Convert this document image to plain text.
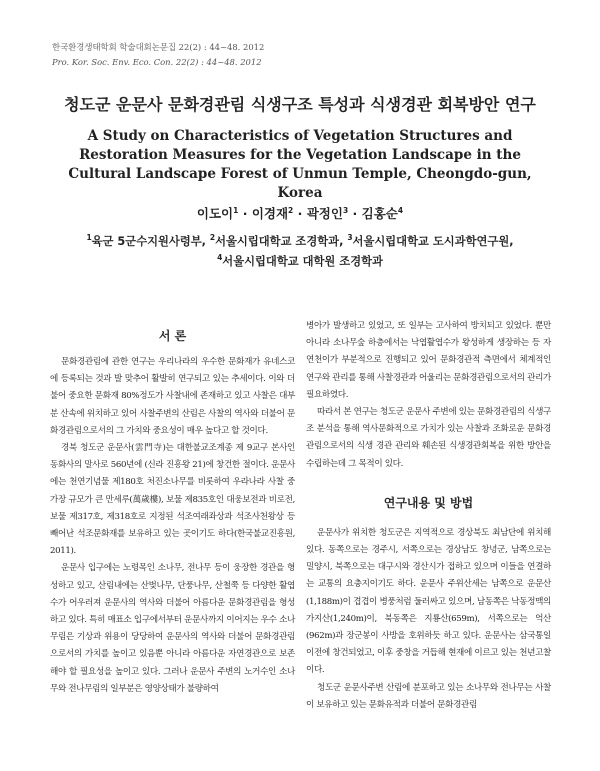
한국환경생태학회 학술대회논문집 22(2) : 44~48. 2012
Pro. Kor. Soc. Env. Eco. Con. 22(2) : 44~48. 2012
청도군 운문사 문화경관림 식생구조 특성과 식생경관 회복방안 연구
A Study on Characteristics of Vegetation Structures and Restoration Measures for the Vegetation Landscape in the Cultural Landscape Forest of Unmun Temple, Cheongdo-gun, Korea
이도이$^1$ · 이경재$^2$ · 곽정인$^3$ · 김홍순$^4$
$^1$육군 5군수지원사령부, $^2$서울시립대학교 조경학과, $^3$서울시립대학교 도시과학연구원,
$^4$서울시립대학교 대학원 조경학과
서 론

문화경관림에 관한 연구는 우리나라의 우수한 문화재가 유네스코에 등록되는 것과 발 맞추어 활발히 연구되고 있는 추세이다. 이와 더불어 중요한 문화재 80%정도가 사찰내에 존재하고 있고 사찰은 대부분 산속에 위치하고 있어 사찰주변의 산림은 사찰의 역사와 더불어 문화경관림으로서의 그 가치와 중요성이 매우 높다고 할 것이다.

경북 청도군 운문사(雲門寺)는 대한불교조계종 제 9교구 본사인 동화사의 말사로 560년에 (신라 진흥왕 21)에 창건한 절이다. 운문사에는 천연기념물 제180호 처진소나무를 비롯하여 우라나라 사찰 중 가장 규모가 큰 만세루(萬歲樓), 보물 제835호인 대웅보전과 비로전, 보물 제317호, 제318호로 지정된 석조여래좌상과 석조사천왕상 등 빼어난 석조문화재를 보유하고 있는 곳이기도 하다(한국불교진흥원, 2011).

운문사 입구에는 노령목인 소나무, 전나무 등이 웅장한 경관을 형성하고 있고, 산림내에는 산벚나무, 단풍나무, 산철쭉 등 다양한 활엽수가 어우러져 운문사의 역사와 더불어 아름다운 문화경관림을 형성하고 있다. 특히 매표소 입구에서부터 운문사까지 이어지는 우수 소나무림은 기상과 위용이 당당하여 운문사의 역사와 더불어 문화경관림으로서의 가치를 높이고 있음뿐 아니라 아름다운 자연경관으로 보존해야 할 필요성을 높이고 있다. 그러나 운문사 주변의 노거수인 소나무와 전나무림의 일부분은 영양상태가 불량하여

병아가 발생하고 있었고, 또 일부는 고사하여 방치되고 있었다. 뿐만아니라 소나무숲 하층에서는 낙엽활엽수가 왕성하게 생장하는 등 자연천이가 부분적으로 진행되고 있어 문화경관적 측면에서 체계적인 연구와 관리를 통해 사찰경관과 어울리는 문화경관림으로서의 관리가 필요하였다.

따라서 본 연구는 청도군 운문사 주변에 있는 문화경관림의 식생구조 분석을 통해 역사문화적으로 가치가 있는 사찰과 조화로운 문화경관림으로서의 식생 경관 관리와 훼손된 식생경관회복을 위한 방안을 수립하는데 그 목적이 있다.

연구내용 및 방법

운문사가 위치한 청도군은 지역적으로 경상북도 최남단에 위치해 있다. 동쪽으로는 경주시, 서쪽으로는 경상남도 창녕군, 남쪽으로는 밀양시, 북쪽으로는 대구시와 경산시가 접하고 있으며 이들을 연결하는 교통의 요충지이기도 하다. 운문사 주위산세는 남쪽으로 운문산(1,188m)이 겹겹이 병풍처럼 둘러싸고 있으며, 남동쪽은 낙동정맥의 가지산(1,240m)이, 북동쪽은 지룡산(659m), 서쪽으로는 억산(962m)과 장군봉이 사방을 호위하듯 하고 있다. 운문사는 삼국통일 이전에 창건되었고, 이후 중창을 거듭해 현재에 이르고 있는 천년고찰이다.

청도군 운문사주변 산림에 분포하고 있는 소나무와 전나무는 사찰이 보유하고 있는 문화유적과 더불어 문화경관림
